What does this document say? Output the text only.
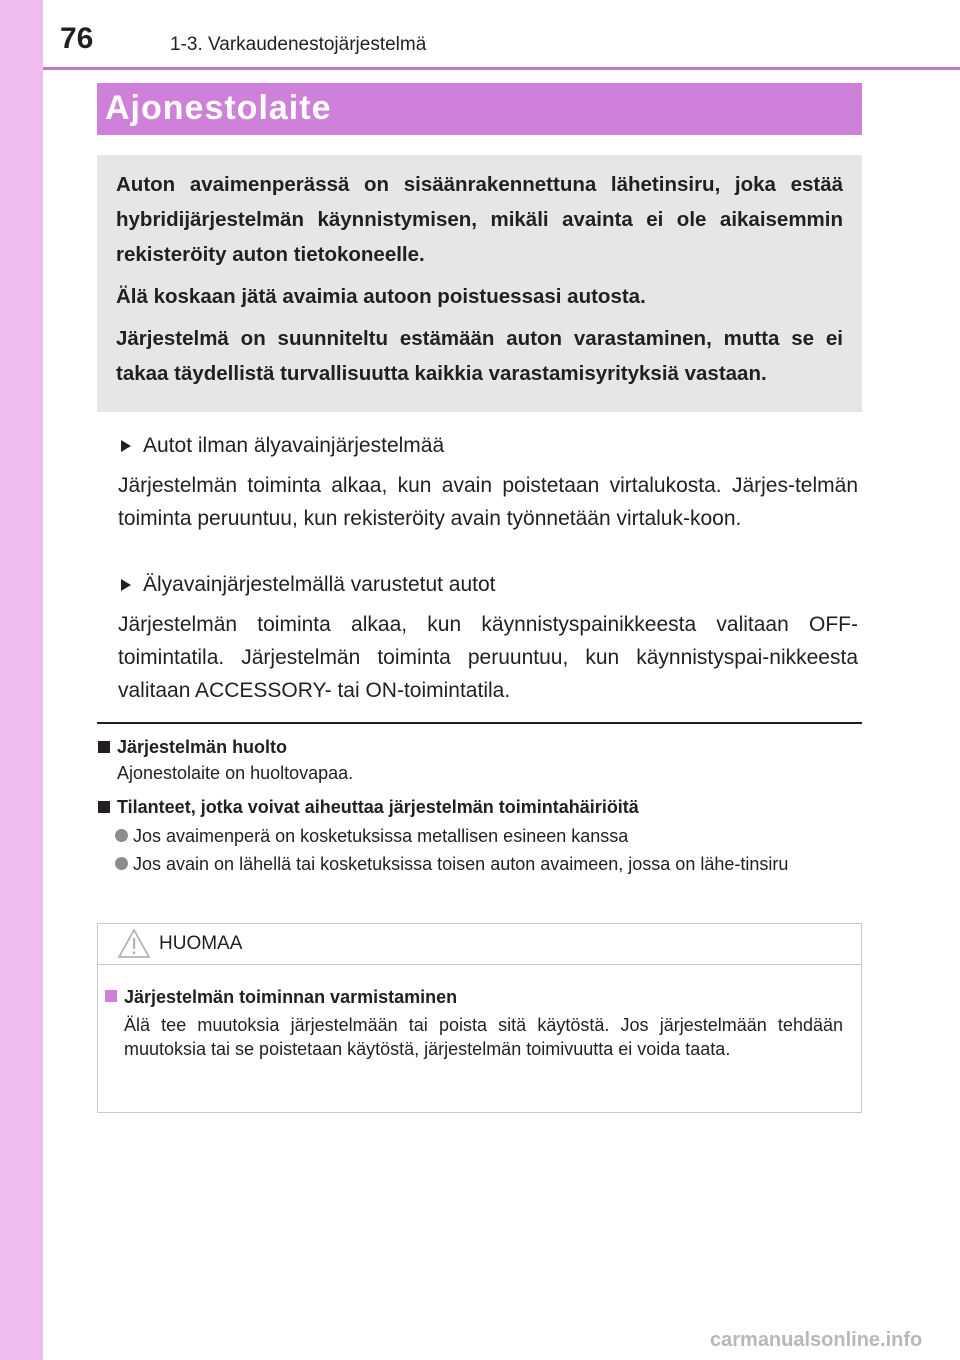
76	1-3. Varkaudenestojärjestelmä
Ajonestolaite

Auton avaimenperässä on sisäänrakennettuna lähetinsiru, joka estää hybridijärjestelmän käynnistymisen, mikäli avainta ei ole aikaisemmin rekisteröity auton tietokoneelle.

Älä koskaan jätä avaimia autoon poistuessasi autosta.

Järjestelmä on suunniteltu estämään auton varastaminen, mutta se ei takaa täydellistä turvallisuutta kaikkia varastamisyrityksiä vastaan.

Autot ilman älyavainjärjestelmää
Järjestelmän toiminta alkaa, kun avain poistetaan virtalukosta. Järjes-telmän toiminta peruuntuu, kun rekisteröity avain työnnetään virtaluk-koon.
Älyavainjärjestelmällä varustetut autot
Järjestelmän toiminta alkaa, kun käynnistyspainikkeesta valitaan OFF-toimintatila. Järjestelmän toiminta peruuntuu, kun käynnistyspai-nikkeesta valitaan ACCESSORY- tai ON-toimintatila.
Järjestelmän huolto
Ajonestolaite on huoltovapaa.
Tilanteet, jotka voivat aiheuttaa järjestelmän toimintahäiriöitä
Jos avaimenperä on kosketuksissa metallisen esineen kanssa
Jos avain on lähellä tai kosketuksissa toisen auton avaimeen, jossa on lähe-tinsiru
HUOMAA
Järjestelmän toiminnan varmistaminen
Älä tee muutoksia järjestelmään tai poista sitä käytöstä. Jos järjestelmään tehdään muutoksia tai se poistetaan käytöstä, järjestelmän toimivuutta ei voida taata.
carmanualsonline.info
